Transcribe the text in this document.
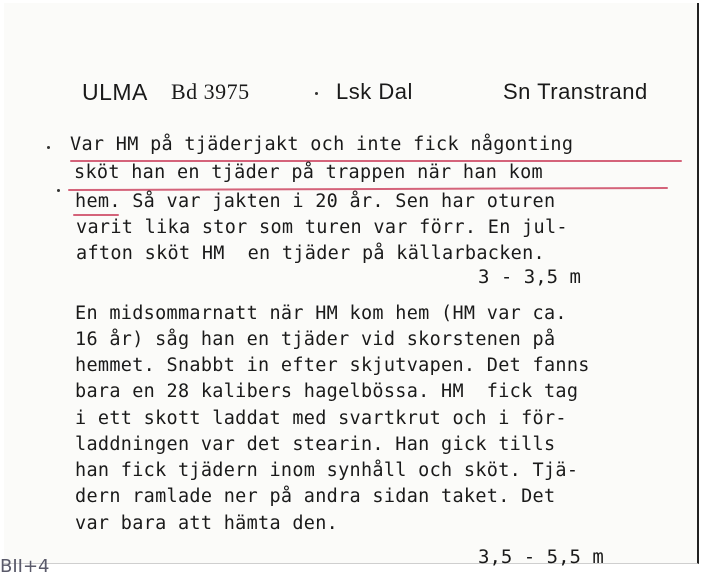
ULMA Bd 3975	Lsk Dal	Sn Transtrand

Var HM på tjäderjakt och inte fick någonting

sköt han en tjäder på trappen när han kom

hem. Så var jakten i 20 år. Sen har oturen

varit lika stor som turen var förr. En jul-

afton sköt HM  en tjäder på källarbacken.

3 - 3,5 m

En midsommarnatt när HM kom hem (HM var ca.

16 år) såg han en tjäder vid skorstenen på

hemmet. Snabbt in efter skjutvapen. Det fanns

bara en 28 kalibers hagelbössa. HM  fick tag

i ett skott laddat med svartkrut och i för-

laddningen var det stearin. Han gick tills

han fick tjädern inom synhåll och sköt. Tjä-

dern ramlade ner på andra sidan taket. Det

var bara att hämta den.

3,5 - 5,5 m
BII+4
